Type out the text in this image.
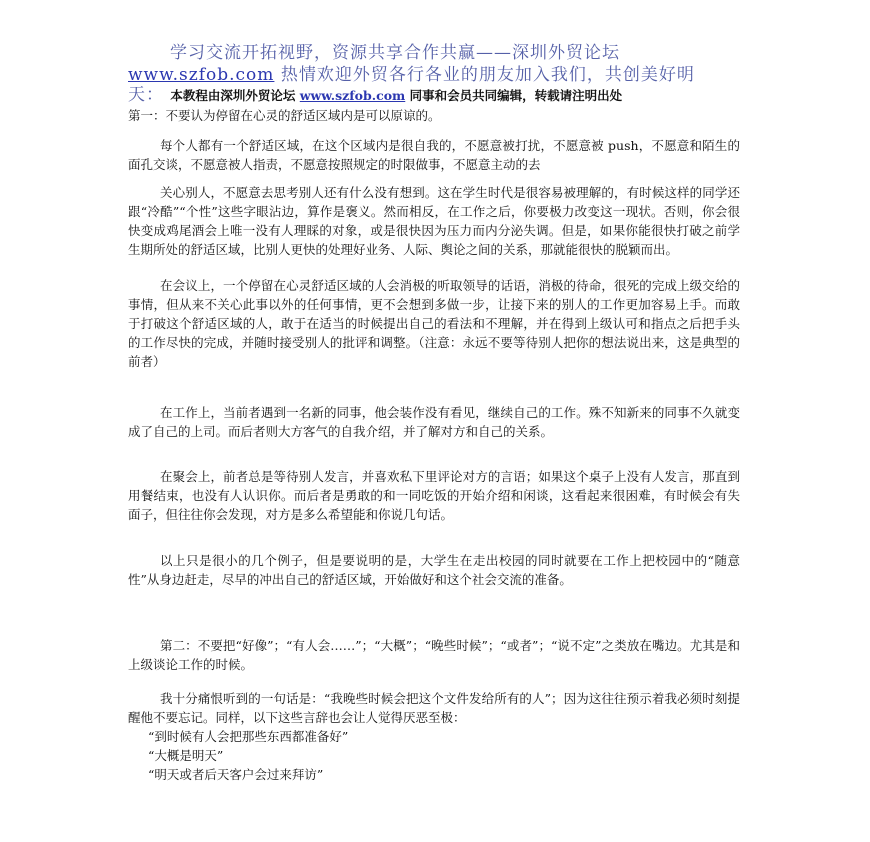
学习交流开拓视野，资源共享合作共赢——深圳外贸论坛
www.szfob.com 热情欢迎外贸各行各业的朋友加入我们，共创美好明
天： 本教程由深圳外贸论坛 www.szfob.com 同事和会员共同编辑，转载请注明出处
第一：不要认为停留在心灵的舒适区域内是可以原谅的。
每个人都有一个舒适区域，在这个区域内是很自我的，不愿意被打扰，不愿意被 push，不愿意和陌生的面孔交谈，不愿意被人指责，不愿意按照规定的时限做事，不愿意主动的去
关心别人，不愿意去思考别人还有什么没有想到。这在学生时代是很容易被理解的，有时候这样的同学还跟“冷酷”“个性”这些字眼沾边，算作是褒义。然而相反，在工作之后，你要极力改变这一现状。否则，你会很快变成鸡尾酒会上唯一没有人理睬的对象，或是很快因为压力而内分泌失调。但是，如果你能很快打破之前学生期所处的舒适区域，比别人更快的处理好业务、人际、舆论之间的关系，那就能很快的脱颖而出。
在会议上，一个停留在心灵舒适区域的人会消极的听取领导的话语，消极的待命，很死的完成上级交给的事情，但从来不关心此事以外的任何事情，更不会想到多做一步，让接下来的别人的工作更加容易上手。而敢于打破这个舒适区域的人，敢于在适当的时候提出自己的看法和不理解，并在得到上级认可和指点之后把手头的工作尽快的完成，并随时接受别人的批评和调整。（注意：永远不要等待别人把你的想法说出来，这是典型的前者）
在工作上，当前者遇到一名新的同事，他会装作没有看见，继续自己的工作。殊不知新来的同事不久就变成了自己的上司。而后者则大方客气的自我介绍，并了解对方和自己的关系。
在聚会上，前者总是等待别人发言，并喜欢私下里评论对方的言语；如果这个桌子上没有人发言，那直到用餐结束，也没有人认识你。而后者是勇敢的和一同吃饭的开始介绍和闲谈，这看起来很困难，有时候会有失面子，但往往你会发现，对方是多么希望能和你说几句话。
以上只是很小的几个例子，但是要说明的是，大学生在走出校园的同时就要在工作上把校园中的“随意性”从身边赶走，尽早的冲出自己的舒适区域，开始做好和这个社会交流的准备。
第二：不要把“好像”；“有人会……”；“大概”；“晚些时候”；“或者”；“说不定”之类放在嘴边。尤其是和上级谈论工作的时候。
我十分痛恨听到的一句话是：“我晚些时候会把这个文件发给所有的人”；因为这往往预示着我必须时刻提醒他不要忘记。同样，以下这些言辞也会让人觉得厌恶至极：
“到时候有人会把那些东西都准备好”
“大概是明天”
“明天或者后天客户会过来拜访”
